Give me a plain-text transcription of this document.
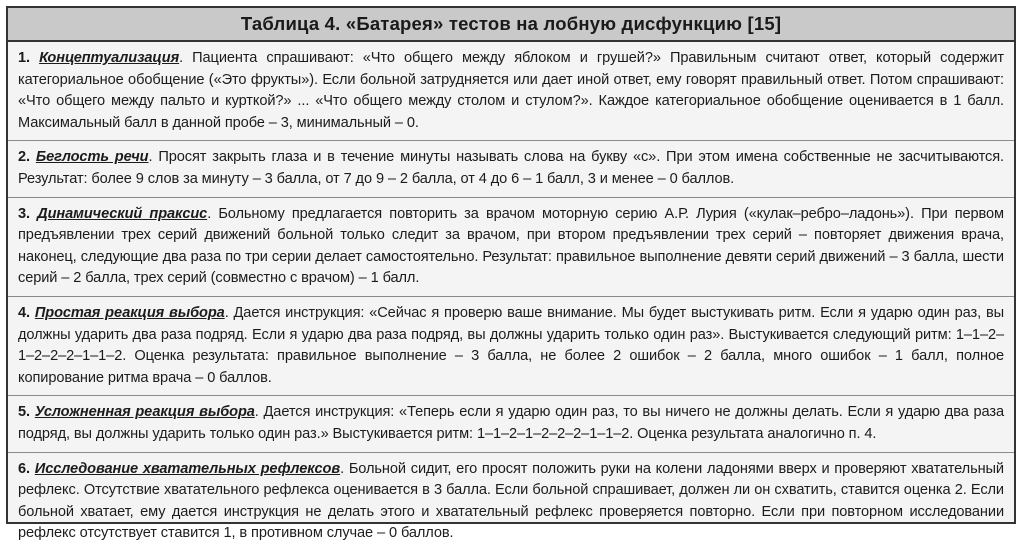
Таблица 4. «Батарея» тестов на лобную дисфункцию [15]
1. Концептуализация. Пациента спрашивают: «Что общего между яблоком и грушей?» Правильным считают ответ, который содержит категориальное обобщение («Это фрукты»). Если больной затрудняется или дает иной ответ, ему говорят правильный ответ. Потом спрашивают: «Что общего между пальто и курткой?» ... «Что общего между столом и стулом?». Каждое категориальное обобщение оценивается в 1 балл. Максимальный балл в данной пробе – 3, минимальный – 0.
2. Беглость речи. Просят закрыть глаза и в течение минуты называть слова на букву «с». При этом имена собственные не засчитываются. Результат: более 9 слов за минуту – 3 балла, от 7 до 9 – 2 балла, от 4 до 6 – 1 балл, 3 и менее – 0 баллов.
3. Динамический праксис. Больному предлагается повторить за врачом моторную серию А.Р. Лурия («кулак–ребро–ладонь»). При первом предъявлении трех серий движений больной только следит за врачом, при втором предъявлении трех серий – повторяет движения врача, наконец, следующие два раза по три серии делает самостоятельно. Результат: правильное выполнение девяти серий движений – 3 балла, шести серий – 2 балла, трех серий (совместно с врачом) – 1 балл.
4. Простая реакция выбора. Дается инструкция: «Сейчас я проверю ваше внимание. Мы будет выстукивать ритм. Если я ударю один раз, вы должны ударить два раза подряд. Если я ударю два раза подряд, вы должны ударить только один раз». Выстукивается следующий ритм: 1–1–2–1–2–2–2–1–1–2. Оценка результата: правильное выполнение – 3 балла, не более 2 ошибок – 2 балла, много ошибок – 1 балл, полное копирование ритма врача – 0 баллов.
5. Усложненная реакция выбора. Дается инструкция: «Теперь если я ударю один раз, то вы ничего не должны делать. Если я ударю два раза подряд, вы должны ударить только один раз.» Выстукивается ритм: 1–1–2–1–2–2–2–1–1–2. Оценка результата аналогично п. 4.
6. Исследование хватательных рефлексов. Больной сидит, его просят положить руки на колени ладонями вверх и проверяют хватательный рефлекс. Отсутствие хватательного рефлекса оценивается в 3 балла. Если больной спрашивает, должен ли он схватить, ставится оценка 2. Если больной хватает, ему дается инструкция не делать этого и хватательный рефлекс проверяется повторно. Если при повторном исследовании рефлекс отсутствует ставится 1, в противном случае – 0 баллов.
